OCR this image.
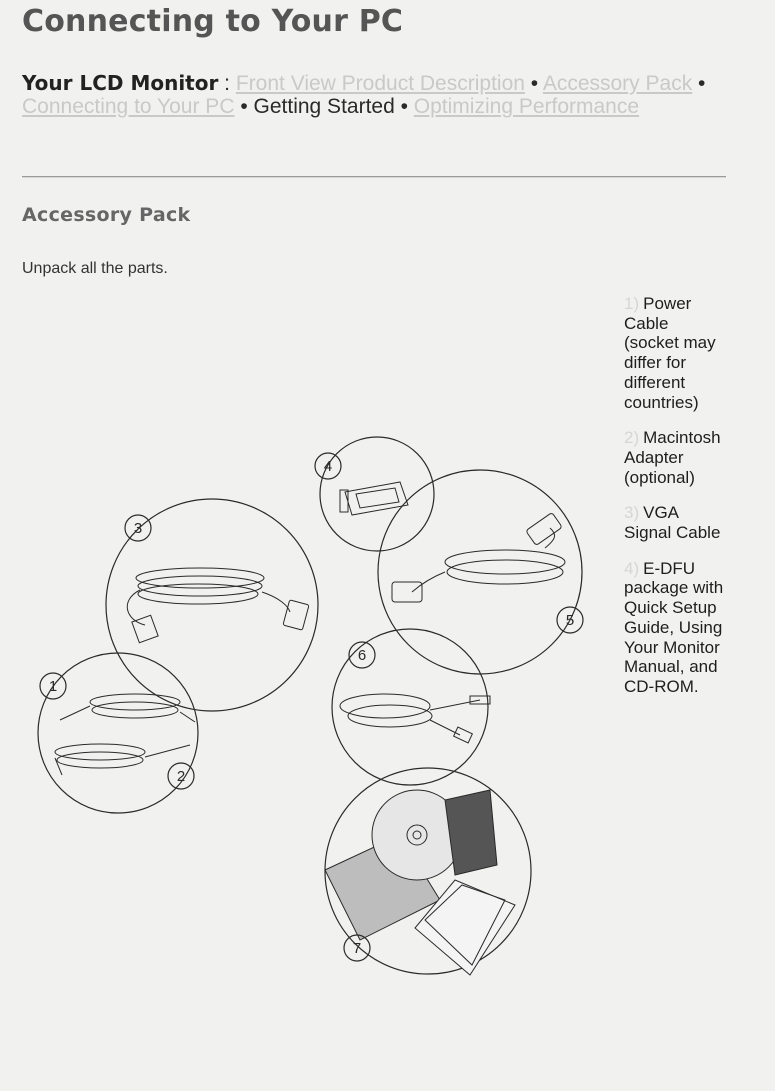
Connecting to Your PC
Your LCD Monitor : Front View Product Description • Accessory Pack • Connecting to Your PC • Getting Started • Optimizing Performance
Accessory Pack

Unpack all the parts.

3
1
2
4
5
6
7
1) Power Cable (socket may differ for different countries)
2) Macintosh Adapter (optional)
3) VGA Signal Cable
4) E-DFU package with Quick Setup Guide, Using Your Monitor Manual, and CD-ROM.
